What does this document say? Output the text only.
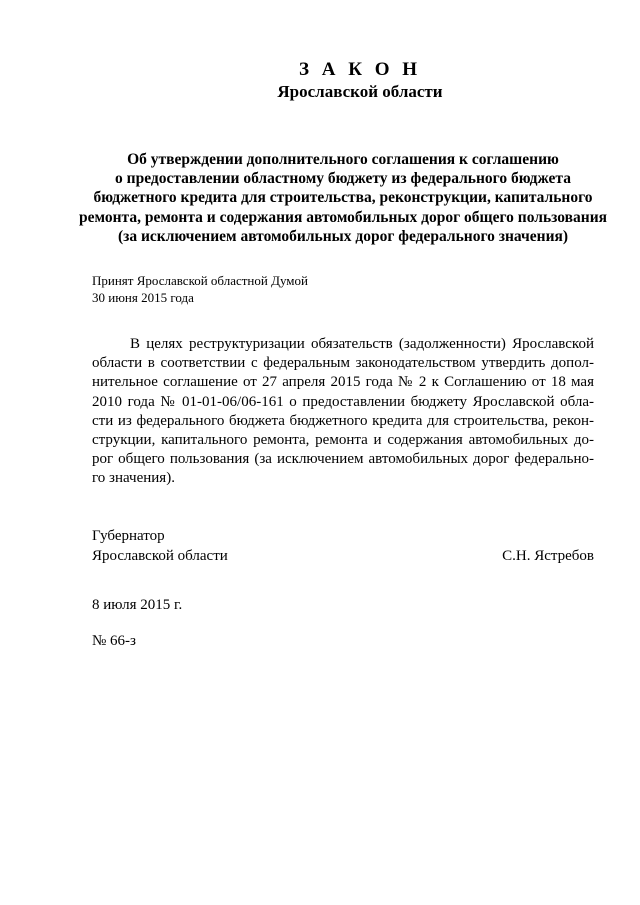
З А К О Н
Ярославской области
Об утверждении дополнительного соглашения к соглашению
о предоставлении областному бюджету из федерального бюджета
бюджетного кредита для строительства, реконструкции, капитального
ремонта, ремонта и содержания автомобильных дорог общего пользования
(за исключением автомобильных дорог федерального значения)
Принят Ярославской областной Думой
30 июня 2015 года
В целях реструктуризации обязательств (задолженности) Ярославской
области в соответствии с федеральным законодательством утвердить допол-
нительное соглашение от 27 апреля 2015 года № 2 к Соглашению от 18 мая
2010 года № 01-01-06/06-161 о предоставлении бюджету Ярославской обла-
сти из федерального бюджета бюджетного кредита для строительства, рекон-
струкции, капитального ремонта, ремонта и содержания автомобильных до-
рог общего пользования (за исключением автомобильных дорог федерально-
го значения).
Губернатор
Ярославской области	С.Н. Ястребов
8 июля 2015 г.
№ 66-з
